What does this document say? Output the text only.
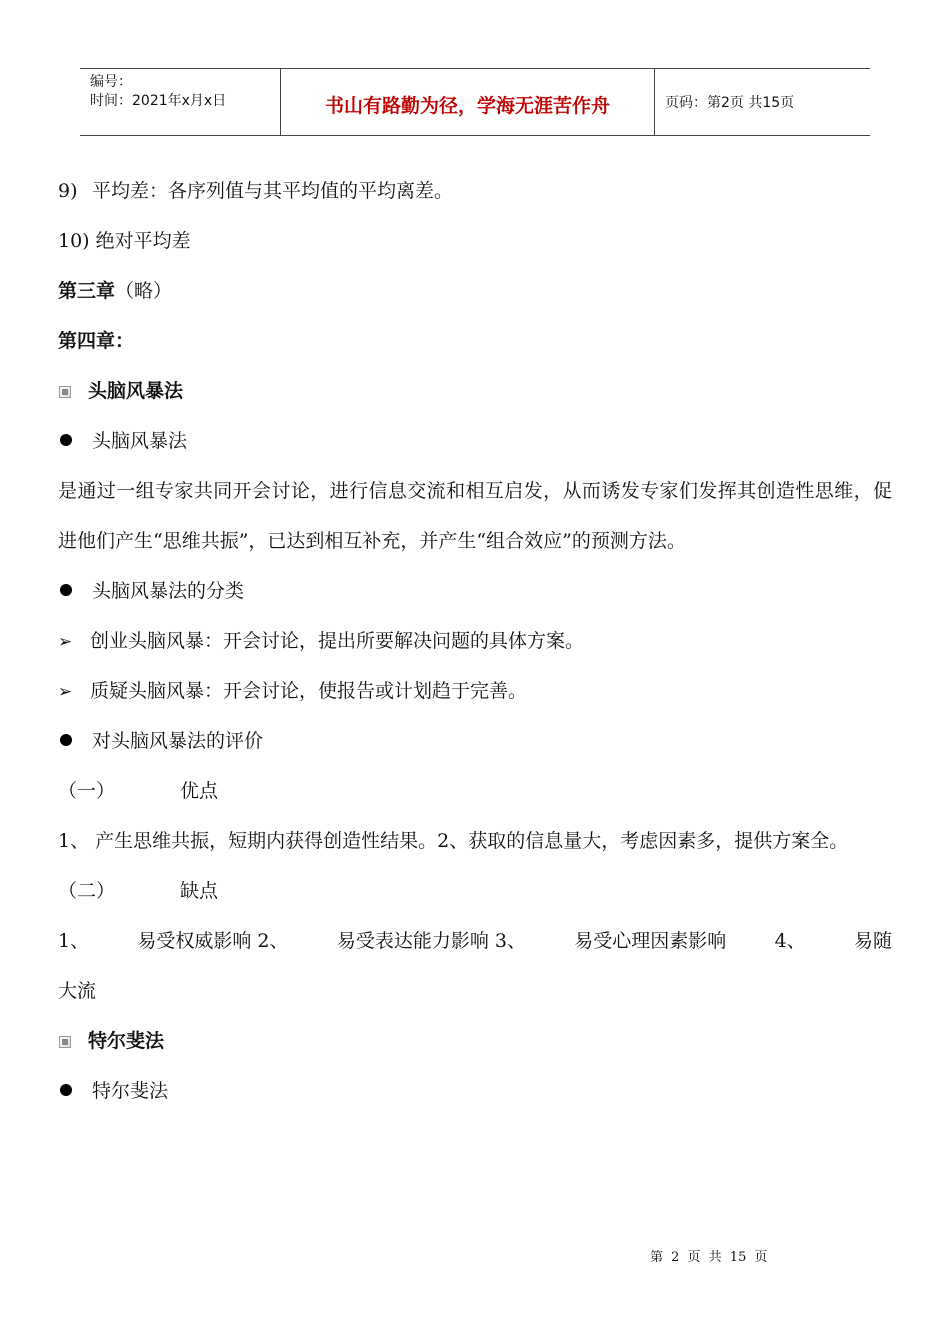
编号：
时间：2021年x月x日	书山有路勤为径，学海无涯苦作舟	页码：第2页 共15页
9) 平均差：各序列值与其平均值的平均离差。
10) 绝对平均差
第三章（略）
第四章：
头脑风暴法
头脑风暴法
是通过一组专家共同开会讨论，进行信息交流和相互启发，从而诱发专家们发挥其创造性思维，促进他们产生“思维共振”，已达到相互补充，并产生“组合效应”的预测方法。
头脑风暴法的分类
➢ 创业头脑风暴：开会讨论，提出所要解决问题的具体方案。
➢ 质疑头脑风暴：开会讨论，使报告或计划趋于完善。
对头脑风暴法的评价
（一）	优点
1、 产生思维共振，短期内获得创造性结果。2、获取的信息量大，考虑因素多，提供方案全。
（二）	缺点
1、	易受权威影响 2、	易受表达能力影响 3、	易受心理因素影响	4、	易随
大流
特尔斐法
特尔斐法
第 2 页 共 15 页
